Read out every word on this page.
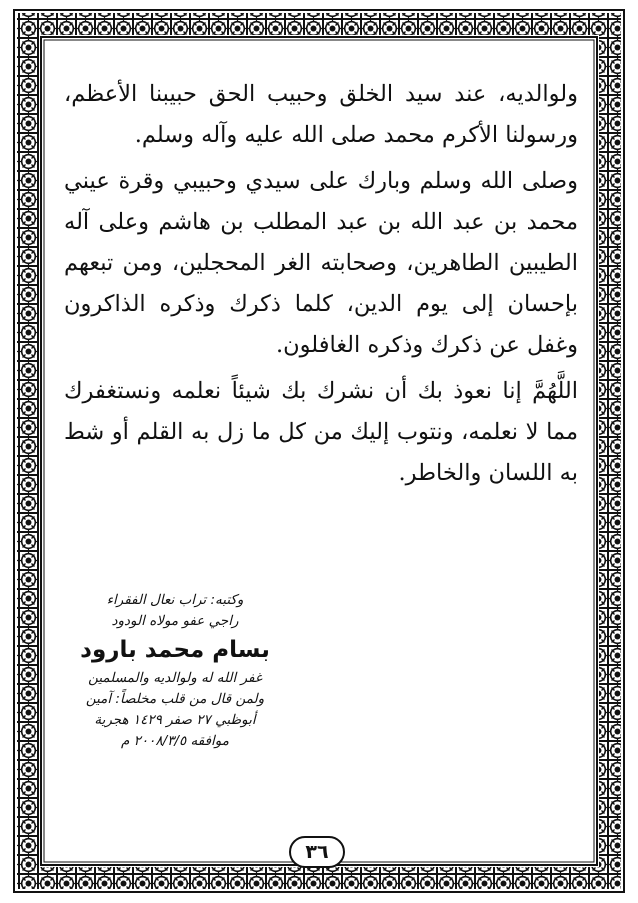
ولوالديه، عند سيد الخلق وحبيب الحق حبيبنا الأعظم، ورسولنا الأكرم محمد صلى الله عليه وآله وسلم.

وصلى الله وسلم وبارك على سيدي وحبيبي وقرة عيني محمد بن عبد الله بن عبد المطلب بن هاشم وعلى آله الطيبين الطاهرين، وصحابته الغر المحجلين، ومن تبعهم بإحسان إلى يوم الدين، كلما ذكرك وذكره الذاكرون وغفل عن ذكرك وذكره الغافلون.

اللَّهُمَّ إنا نعوذ بك أن نشرك بك شيئاً نعلمه ونستغفرك مما لا نعلمه، ونتوب إليك من كل ما زل به القلم أو شط به اللسان والخاطر.

وكتبه: تراب نعال الفقراء
راجي عفو مولاه الودود
بسام محمد بارود
غفر الله له ولوالديه والمسلمين
ولمن قال من قلب مخلصاً: آمين
أبوظبي ٢٧ صفر ١٤٢٩ هجرية
موافقه ٢٠٠٨/٣/٥ م
٣٦
